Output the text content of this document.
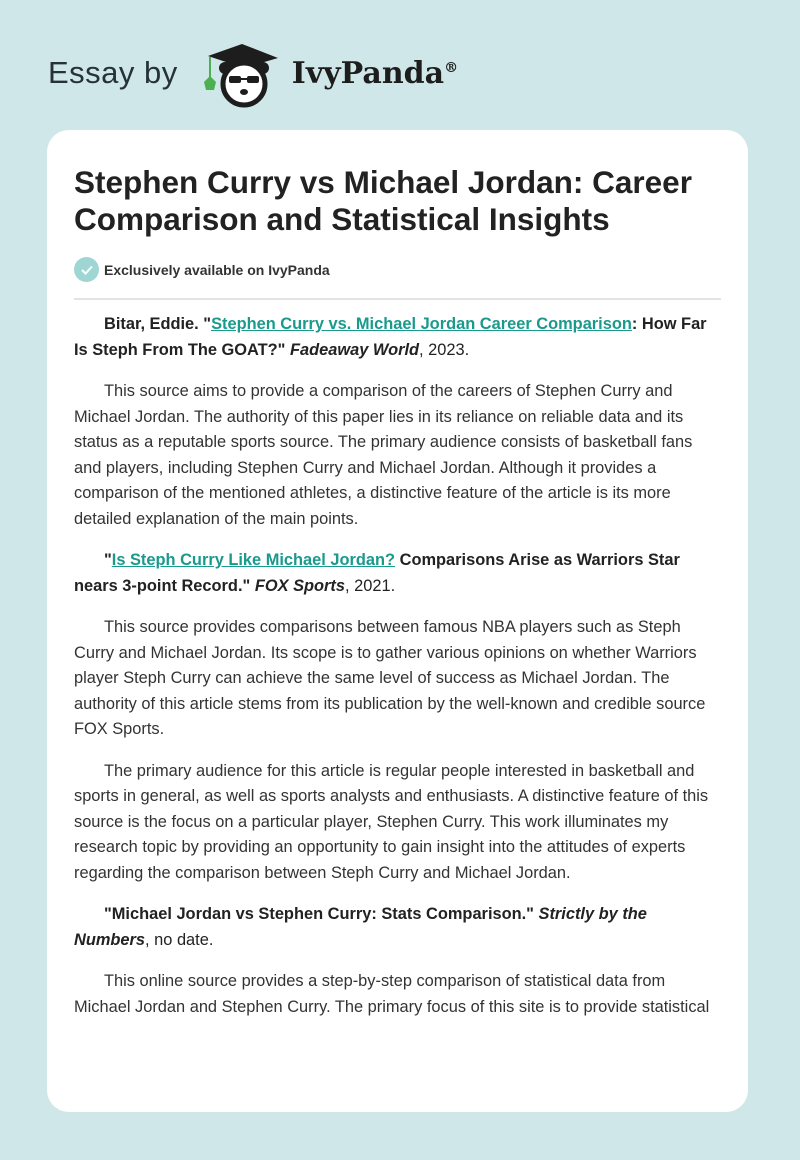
Essay by	IvyPanda®
Stephen Curry vs Michael Jordan: Career Comparison and Statistical Insights
Exclusively available on IvyPanda

Bitar, Eddie. "Stephen Curry vs. Michael Jordan Career Comparison: How Far Is Steph From The GOAT?" Fadeaway World, 2023.

This source aims to provide a comparison of the careers of Stephen Curry and Michael Jordan. The authority of this paper lies in its reliance on reliable data and its status as a reputable sports source. The primary audience consists of basketball fans and players, including Stephen Curry and Michael Jordan. Although it provides a comparison of the mentioned athletes, a distinctive feature of the article is its more detailed explanation of the main points.

"Is Steph Curry Like Michael Jordan? Comparisons Arise as Warriors Star nears 3-point Record." FOX Sports, 2021.

This source provides comparisons between famous NBA players such as Steph Curry and Michael Jordan. Its scope is to gather various opinions on whether Warriors player Steph Curry can achieve the same level of success as Michael Jordan. The authority of this article stems from its publication by the well-known and credible source FOX Sports.

The primary audience for this article is regular people interested in basketball and sports in general, as well as sports analysts and enthusiasts. A distinctive feature of this source is the focus on a particular player, Stephen Curry. This work illuminates my research topic by providing an opportunity to gain insight into the attitudes of experts regarding the comparison between Steph Curry and Michael Jordan.

"Michael Jordan vs Stephen Curry: Stats Comparison." Strictly by the Numbers, no date.

This online source provides a step-by-step comparison of statistical data from Michael Jordan and Stephen Curry. The primary focus of this site is to provide statistical
